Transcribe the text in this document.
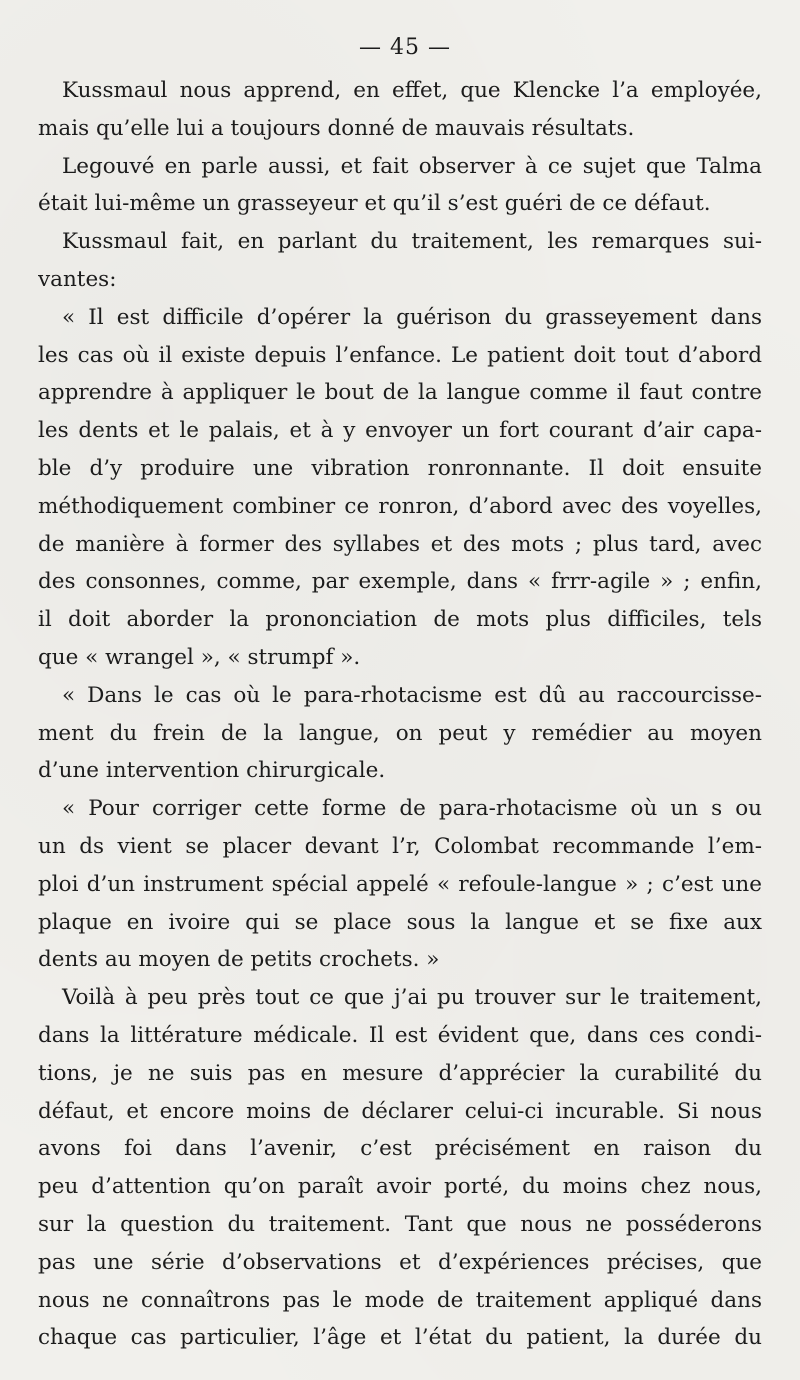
— 45 —
Kussmaul nous apprend, en effet, que Klencke l’a employée,
mais qu’elle lui a toujours donné de mauvais résultats.
Legouvé en parle aussi, et fait observer à ce sujet que Talma
était lui-même un grasseyeur et qu’il s’est guéri de ce défaut.
Kussmaul fait, en parlant du traitement, les remarques sui-
vantes:
« Il est difficile d’opérer la guérison du grasseyement dans
les cas où il existe depuis l’enfance. Le patient doit tout d’abord
apprendre à appliquer le bout de la langue comme il faut contre
les dents et le palais, et à y envoyer un fort courant d’air capa-
ble d’y produire une vibration ronronnante. Il doit ensuite
méthodiquement combiner ce ronron, d’abord avec des voyelles,
de manière à former des syllabes et des mots ; plus tard, avec
des consonnes, comme, par exemple, dans « frrr-agile » ; enfin,
il doit aborder la prononciation de mots plus difficiles, tels
que « wrangel », « strumpf ».
« Dans le cas où le para-rhotacisme est dû au raccourcisse-
ment du frein de la langue, on peut y remédier au moyen
d’une intervention chirurgicale.
« Pour corriger cette forme de para-rhotacisme où un s ou
un ds vient se placer devant l’r, Colombat recommande l’em-
ploi d’un instrument spécial appelé « refoule-langue » ; c’est une
plaque en ivoire qui se place sous la langue et se fixe aux
dents au moyen de petits crochets. »
Voilà à peu près tout ce que j’ai pu trouver sur le traitement,
dans la littérature médicale. Il est évident que, dans ces condi-
tions, je ne suis pas en mesure d’apprécier la curabilité du
défaut, et encore moins de déclarer celui-ci incurable. Si nous
avons foi dans l’avenir, c’est précisément en raison du
peu d’attention qu’on paraît avoir porté, du moins chez nous,
sur la question du traitement. Tant que nous ne posséderons
pas une série d’observations et d’expériences précises, que
nous ne connaîtrons pas le mode de traitement appliqué dans
chaque cas particulier, l’âge et l’état du patient, la durée du
